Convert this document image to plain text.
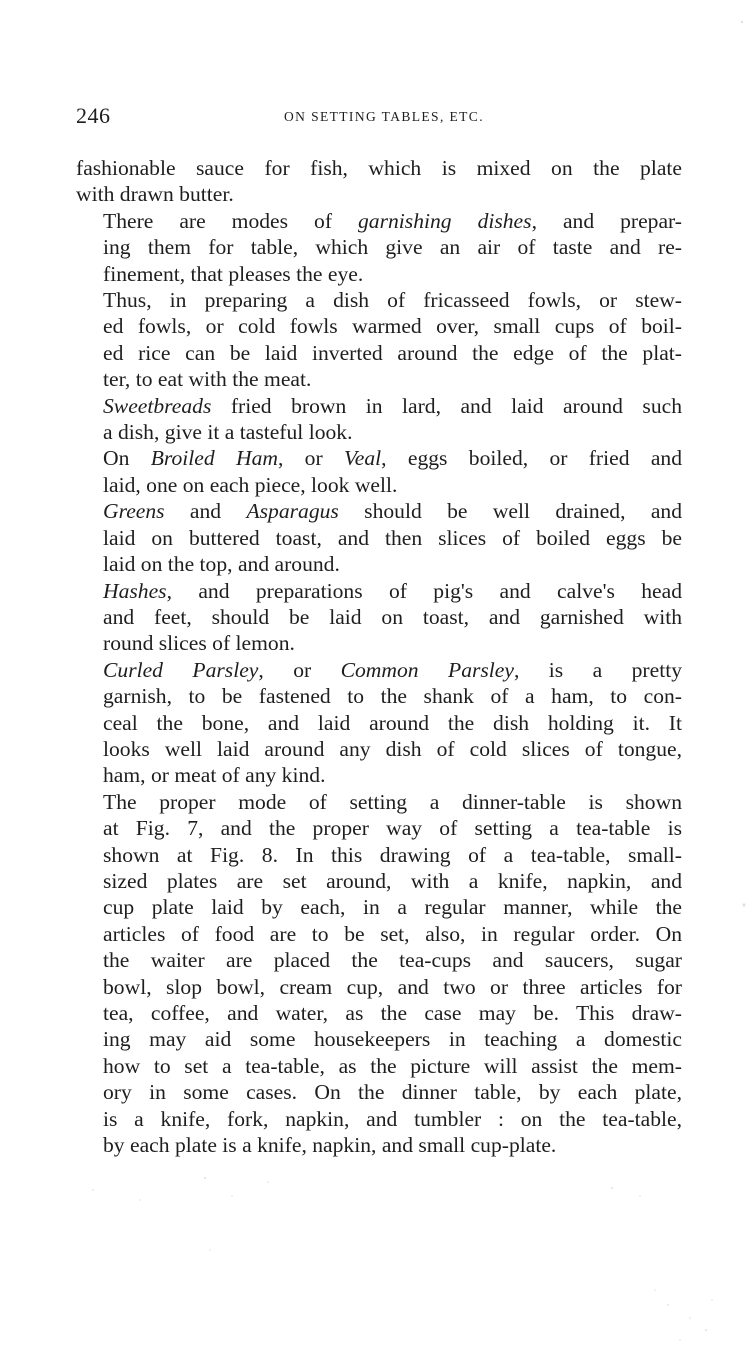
246	ON SETTING TABLES, ETC.
fashionable sauce for fish, which is mixed on the plate
with drawn butter.
There are modes of garnishing dishes, and prepar-
ing them for table, which give an air of taste and re-
finement, that pleases the eye.
Thus, in preparing a dish of fricasseed fowls, or stew-
ed fowls, or cold fowls warmed over, small cups of boil-
ed rice can be laid inverted around the edge of the plat-
ter, to eat with the meat.
Sweetbreads fried brown in lard, and laid around such
a dish, give it a tasteful look.
On Broiled Ham, or Veal, eggs boiled, or fried and
laid, one on each piece, look well.
Greens and Asparagus should be well drained, and
laid on buttered toast, and then slices of boiled eggs be
laid on the top, and around.
Hashes, and preparations of pig's and calve's head
and feet, should be laid on toast, and garnished with
round slices of lemon.
Curled Parsley, or Common Parsley, is a pretty
garnish, to be fastened to the shank of a ham, to con-
ceal the bone, and laid around the dish holding it. It
looks well laid around any dish of cold slices of tongue,
ham, or meat of any kind.
The proper mode of setting a dinner-table is shown
at Fig. 7, and the proper way of setting a tea-table is
shown at Fig. 8. In this drawing of a tea-table, small-
sized plates are set around, with a knife, napkin, and
cup plate laid by each, in a regular manner, while the
articles of food are to be set, also, in regular order. On
the waiter are placed the tea-cups and saucers, sugar
bowl, slop bowl, cream cup, and two or three articles for
tea, coffee, and water, as the case may be. This draw-
ing may aid some housekeepers in teaching a domestic
how to set a tea-table, as the picture will assist the mem-
ory in some cases. On the dinner table, by each plate,
is a knife, fork, napkin, and tumbler : on the tea-table,
by each plate is a knife, napkin, and small cup-plate.
